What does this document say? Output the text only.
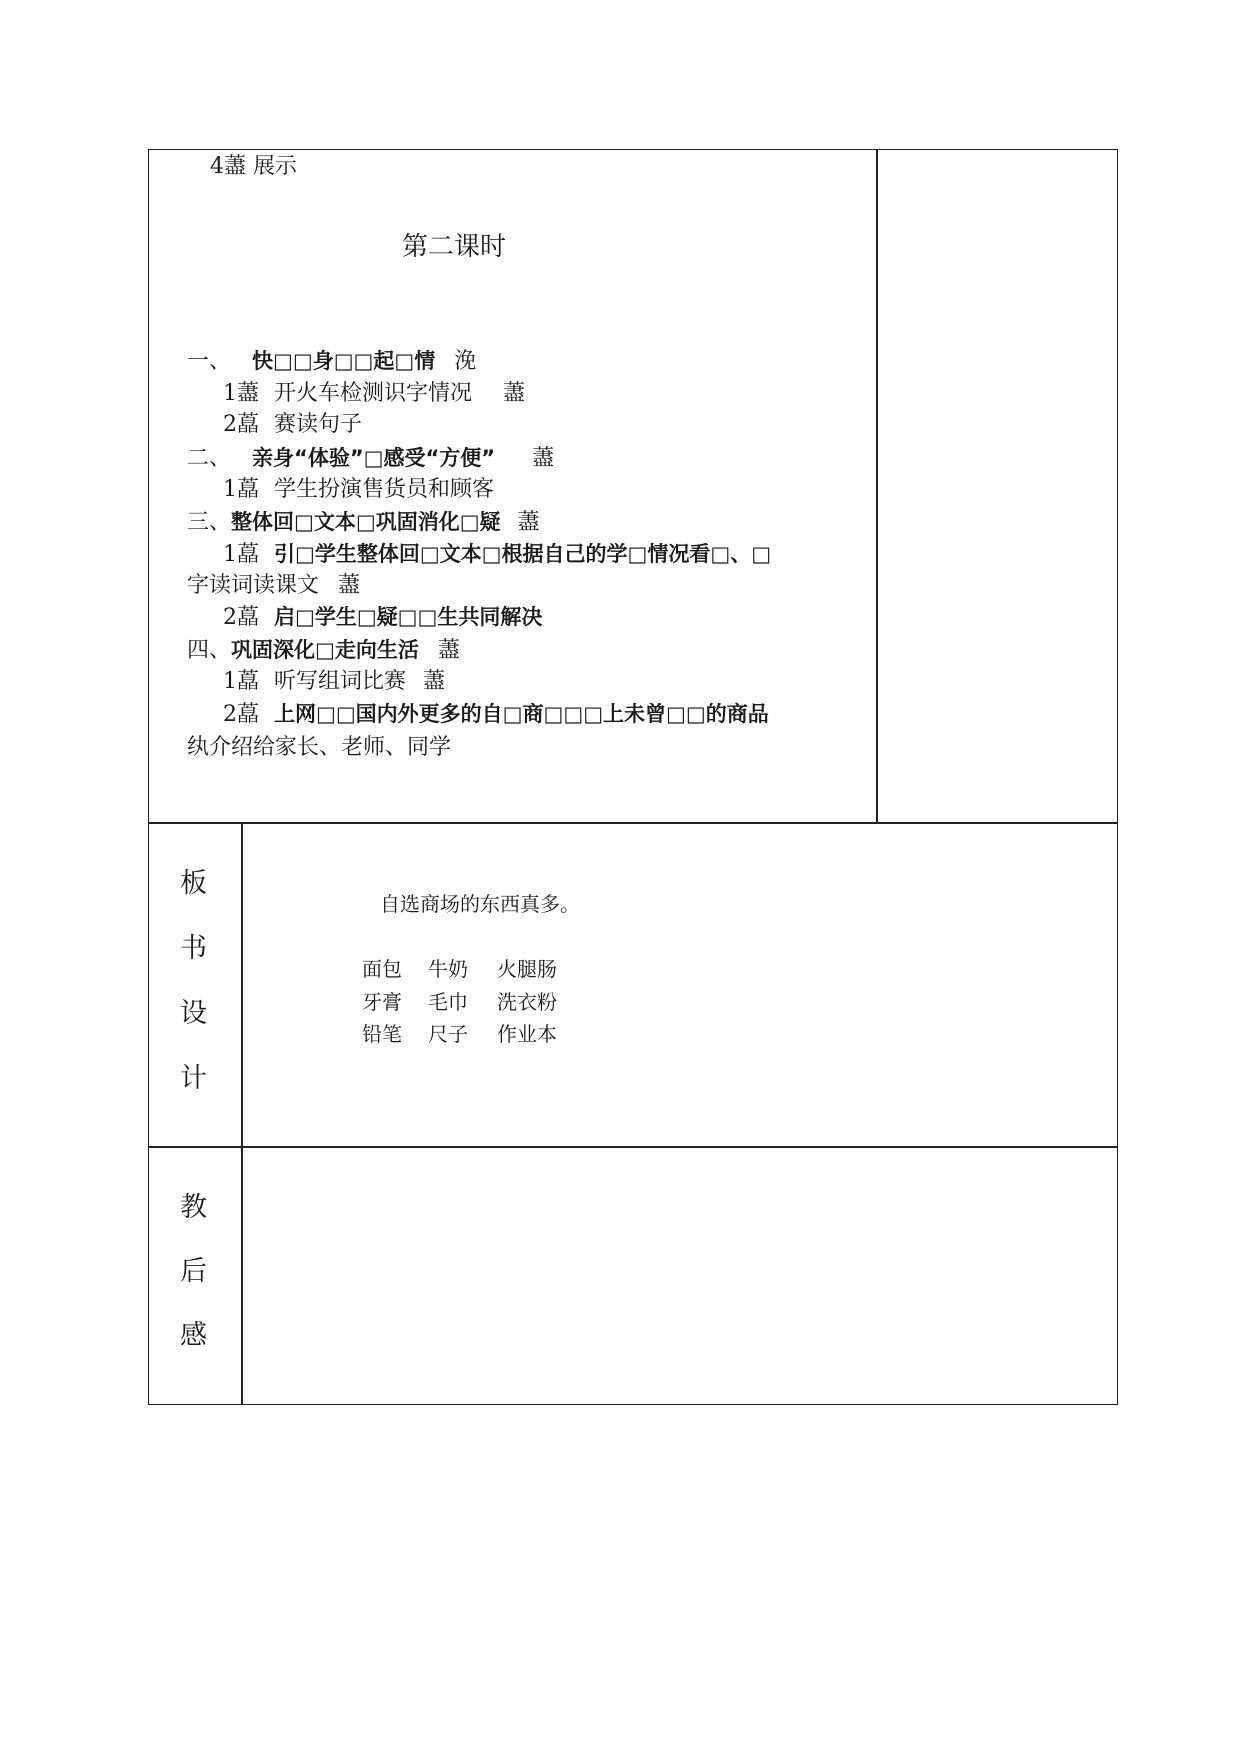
4藎 展示
第二课时
一、 快□□身□□起□情 浼
1藎 开火车检测识字情况 藎
2藠 赛读句子
二、 亲身“体验”□感受“方便” 藎
1藠 学生扮演售货员和顾客
三、整体回□文本□巩固消化□疑 藎
1藠 引□学生整体回□文本□根据自己的学□情况看□、□
字读词读课文 藎
2藠 启□学生□疑□□生共同解决
四、巩固深化□走向生活 藎
1藠 听写组词比赛 藎
2藠 上网□□国内外更多的自□商□□□上未曾□□的商品
纨介绍给家长、老师、同学
板
书
设
计
自选商场的东西真多。
面包 牛奶 火腿肠
牙膏 毛巾 洗衣粉
铅笔 尺子 作业本
教
后
感
